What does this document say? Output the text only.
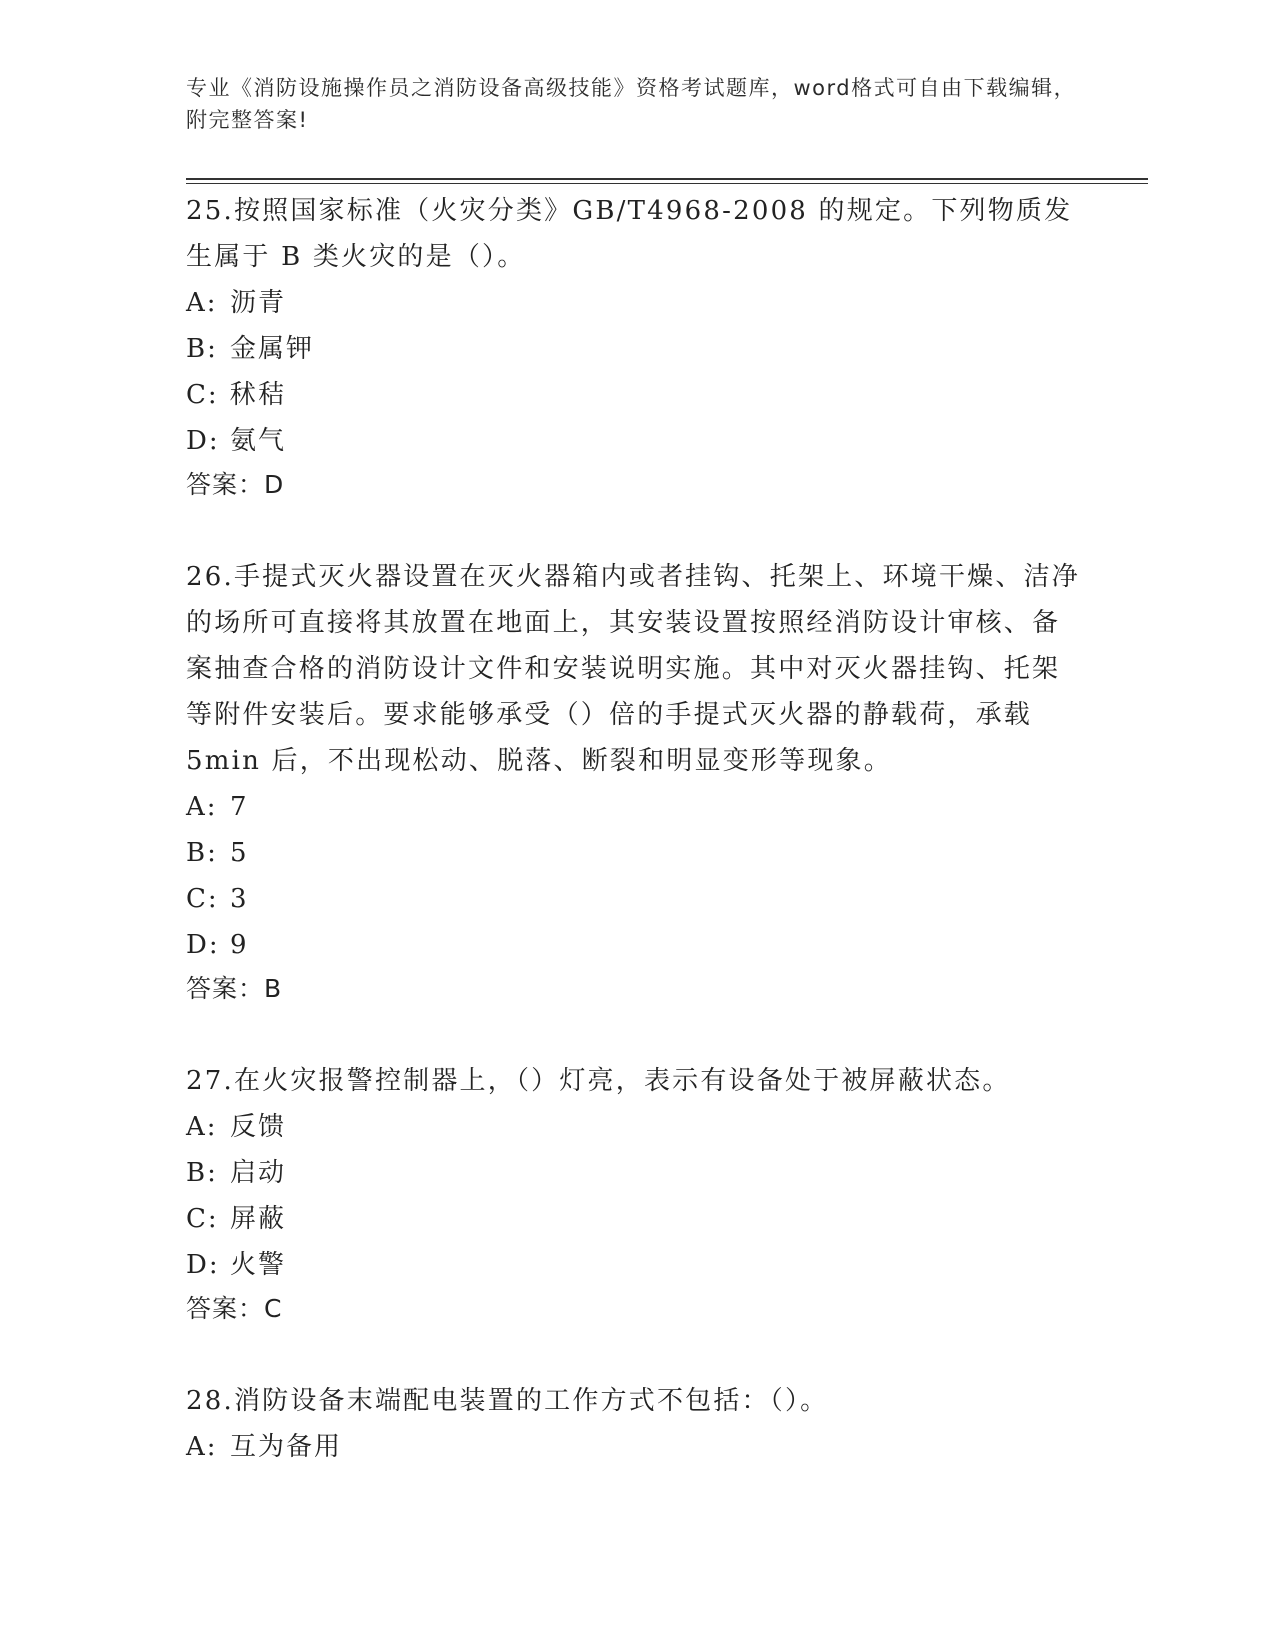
专业《消防设施操作员之消防设备高级技能》资格考试题库，word格式可自由下载编辑，附完整答案!
25.按照国家标准（火灾分类》GB/T4968-2008 的规定。下列物质发生属于 B 类火灾的是（）。
A: 沥青
B: 金属钾
C: 秫秸
D: 氨气
答案：D
26.手提式灭火器设置在灭火器箱内或者挂钩、托架上、环境干燥、洁净的场所可直接将其放置在地面上，其安装设置按照经消防设计审核、备案抽查合格的消防设计文件和安装说明实施。其中对灭火器挂钩、托架等附件安装后。要求能够承受（）倍的手提式灭火器的静载荷，承载 5min 后，不出现松动、脱落、断裂和明显变形等现象。
A: 7
B: 5
C: 3
D: 9
答案：B
27.在火灾报警控制器上，（）灯亮，表示有设备处于被屏蔽状态。
A: 反馈
B: 启动
C: 屏蔽
D: 火警
答案：C
28.消防设备末端配电装置的工作方式不包括：（）。
A: 互为备用
